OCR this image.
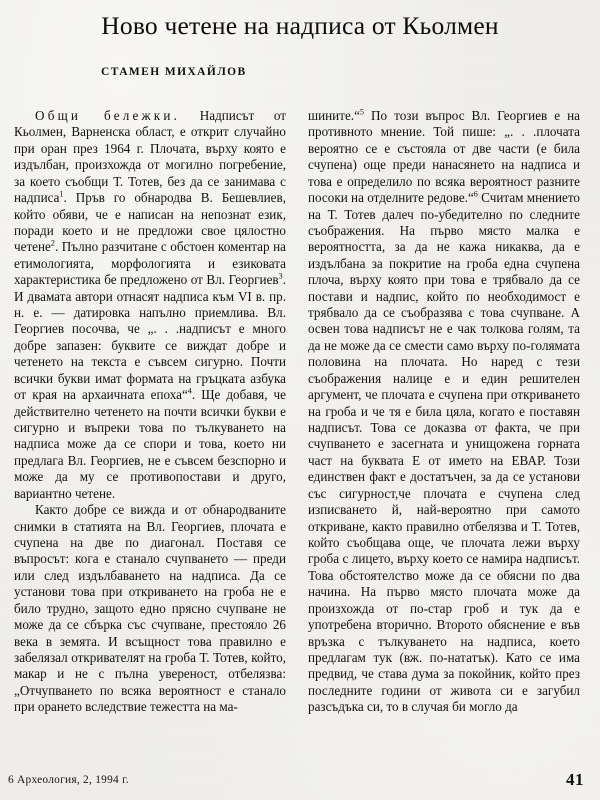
Ново четене на надписа от Кьолмен
СТАМЕН МИХАЙЛОВ

Общи бележки. Надписът от Кьолмен, Варненска област, е открит случайно при оран през 1964 г. Плочата, върху която е издълбан, произхожда от могилно погребение, за което съобщи Т. Тотев, без да се занимава с надписа$^1$. Пръв го обнародва В. Бешевлиев, който обяви, че е написан на непознат език, поради което и не предложи свое цялостно четене$^2$. Пълно разчитане с обстоен коментар на етимологията, морфологията и езиковата характеристика бе предложено от Вл. Георгиев$^3$. И двамата автори отнасят надписа към VI в. пр. н. е. — датировка напълно приемлива. Вл. Георгиев посочва, че „. . .надписът е много добре запазен: буквите се виждат добре и четенето на текста е съвсем сигурно. Почти всички букви имат формата на гръцката азбука от края на архаичната епоха“$^4$. Ще добавя, че действително четенето на почти всички букви е сигурно и въпреки това по тълкуването на надписа може да се спори и това, което ни предлага Вл. Георгиев, не е съвсем безспорно и може да му се противопостави и друго, вариантно четене.

Както добре се вижда и от обнародваните снимки в статията на Вл. Георгиев, плочата е счупена на две по диагонал. Поставя се въпросът: кога е станало счупването — преди или след издълбаването на надписа. Да се установи това при откриването на гроба не е било трудно, защото едно прясно счупване не може да се сбърка със счупване, престояло 26 века в земята. И всъщност това правилно е забелязал откривателят на гроба Т. Тотев, който, макар и не с пълна увереност, отбелязва: „Отчупването по всяка вероятност е станало при орането вследствие тежестта на ма-

шините.“$^5$ По този въпрос Вл. Георгиев е на противното мнение. Той пише: „. . .плочата вероятно се е състояла от две части (е била счупена) още преди нанасянето на надписа и това е определило по всяка вероятност разните посоки на отделните редове.“$^6$ Считам мнението на Т. Тотев далеч по-убедително по следните съображения. На първо място малка е вероятността, за да не кажа никаква, да е издълбана за покритие на гроба една счупена плоча, върху която при това е трябвало да се постави и надпис, който по необходимост е трябвало да се съобразява с това счупване. А освен това надписът не е чак толкова голям, та да не може да се смести само върху по-голямата половина на плочата. Но наред с тези съображения налице е и един решителен аргумент, че плочата е счупена при откриването на гроба и че тя е била цяла, когато е поставян надписът. Това се доказва от факта, че при счупването е засегната и унищожена горната част на буквата Е от името на ЕВАР. Този единствен факт е достатъчен, за да се установи със сигурност,че плочата е счупена след изписването й, най-вероятно при самото откриване, както правилно отбелязва и Т. Тотев, който съобщава още, че плочата лежи върху гроба с лицето, върху което се намира надписът. Това обстоятелство може да се обясни по два начина. На първо място плочата може да произхожда от по-стар гроб и тук да е употребена вторично. Второто обяснение е във връзка с тълкуването на надписа, което предлагам тук (вж. по-нататък). Като се има предвид, че става дума за покойник, който през последните години от живота си е загубил разсъдъка си, то в случая би могло да

6 Археология, 2, 1994 г.	41
